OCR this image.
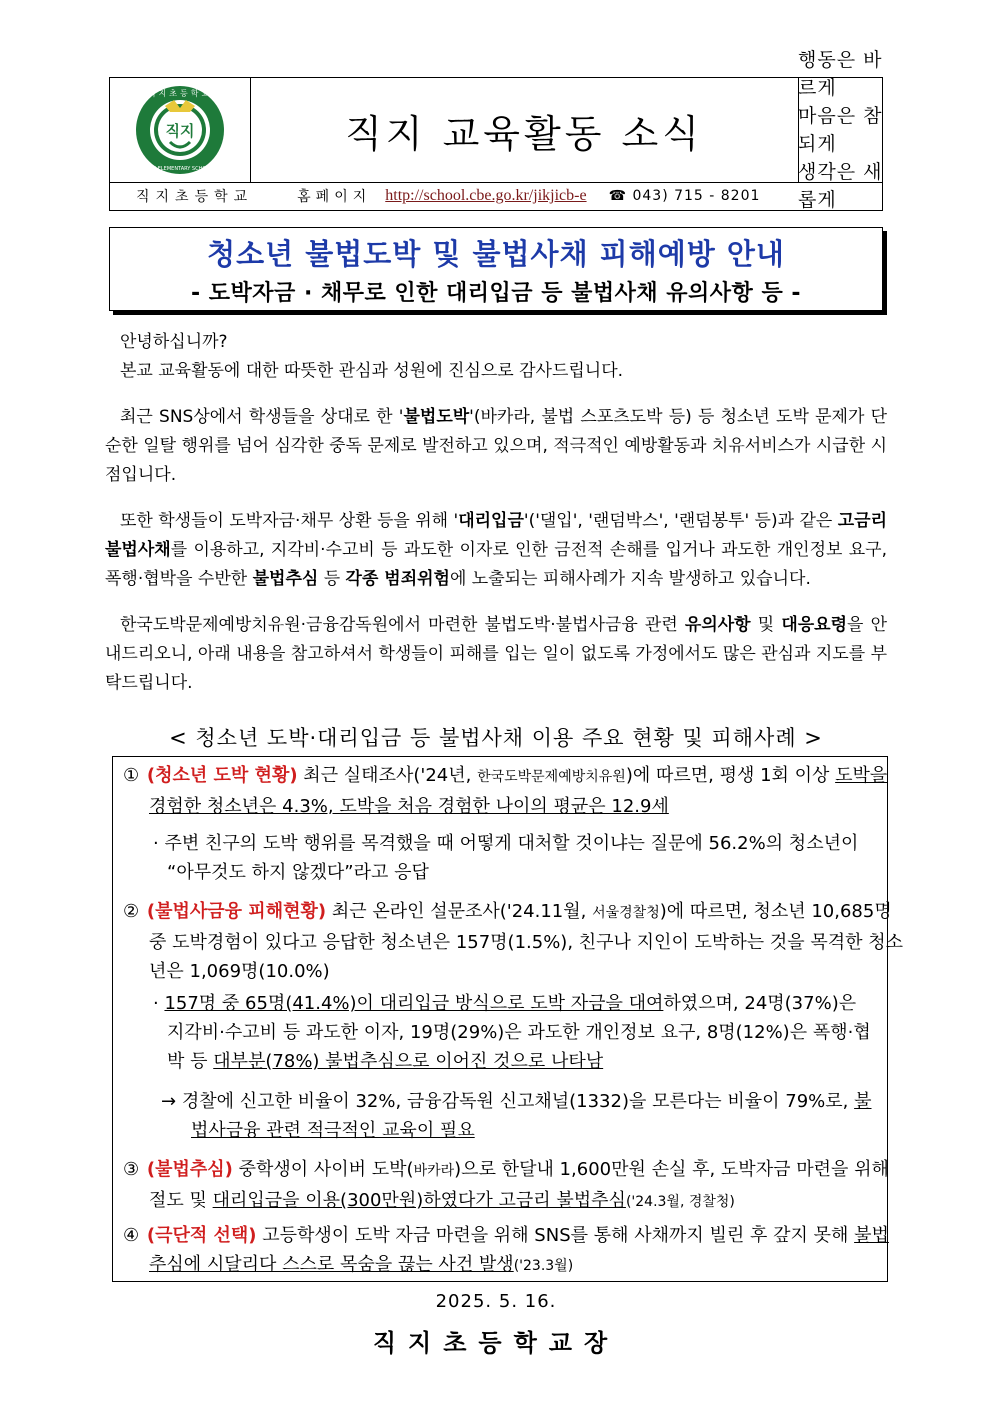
직지
직지초등학교
JIKJI ELEMENTARY SCHOOL
직지 교육활동 소식
행동은 바르게
마음은 참되게
생각은 새롭게
직지초등학교	홈페이지 http://school.cbe.go.kr/jikjicb-e ☎ 043) 715 - 8201
청소년 불법도박 및 불법사채 피해예방 안내
- 도박자금 · 채무로 인한 대리입금 등 불법사채 유의사항 등 -

안녕하십니까?

본교 교육활동에 대한 따뜻한 관심과 성원에 진심으로 감사드립니다.

최근 SNS상에서 학생들을 상대로 한 '불법도박'(바카라, 불법 스포츠도박 등) 등 청소년 도박 문제가 단순한 일탈 행위를 넘어 심각한 중독 문제로 발전하고 있으며, 적극적인 예방활동과 치유서비스가 시급한 시점입니다.

또한 학생들이 도박자금·채무 상환 등을 위해 '대리입금'('댈입', '랜덤박스', '랜덤봉투' 등)과 같은 고금리 불법사채를 이용하고, 지각비·수고비 등 과도한 이자로 인한 금전적 손해를 입거나 과도한 개인정보 요구, 폭행·협박을 수반한 불법추심 등 각종 범죄위험에 노출되는 피해사례가 지속 발생하고 있습니다.

한국도박문제예방치유원·금융감독원에서 마련한 불법도박·불법사금융 관련 유의사항 및 대응요령을 안내드리오니, 아래 내용을 참고하셔서 학생들이 피해를 입는 일이 없도록 가정에서도 많은 관심과 지도를 부탁드립니다.

< 청소년 도박·대리입금 등 불법사채 이용 주요 현황 및 피해사례 >
① (청소년 도박 현황) 최근 실태조사('24년, 한국도박문제예방치유원)에 따르면, 평생 1회 이상 도박을 경험한 청소년은 4.3%, 도박을 처음 경험한 나이의 평균은 12.9세
· 주변 친구의 도박 행위를 목격했을 때 어떻게 대처할 것이냐는 질문에 56.2%의 청소년이 “아무것도 하지 않겠다”라고 응답
② (불법사금융 피해현황) 최근 온라인 설문조사('24.11월, 서울경찰청)에 따르면, 청소년 10,685명 중 도박경험이 있다고 응답한 청소년은 157명(1.5%), 친구나 지인이 도박하는 것을 목격한 청소년은 1,069명(10.0%)
· 157명 중 65명(41.4%)이 대리입금 방식으로 도박 자금을 대여하였으며, 24명(37%)은 지각비·수고비 등 과도한 이자, 19명(29%)은 과도한 개인정보 요구, 8명(12%)은 폭행·협박 등 대부분(78%) 불법추심으로 이어진 것으로 나타남
→ 경찰에 신고한 비율이 32%, 금융감독원 신고채널(1332)을 모른다는 비율이 79%로, 불법사금융 관련 적극적인 교육이 필요
③ (불법추심) 중학생이 사이버 도박(바카라)으로 한달내 1,600만원 손실 후, 도박자금 마련을 위해 절도 및 대리입금을 이용(300만원)하였다가 고금리 불법추심('24.3월, 경찰청)
④ (극단적 선택) 고등학생이 도박 자금 마련을 위해 SNS를 통해 사채까지 빌린 후 갚지 못해 불법추심에 시달리다 스스로 목숨을 끊는 사건 발생('23.3월)
2025. 5. 16.
직지초등학교장
